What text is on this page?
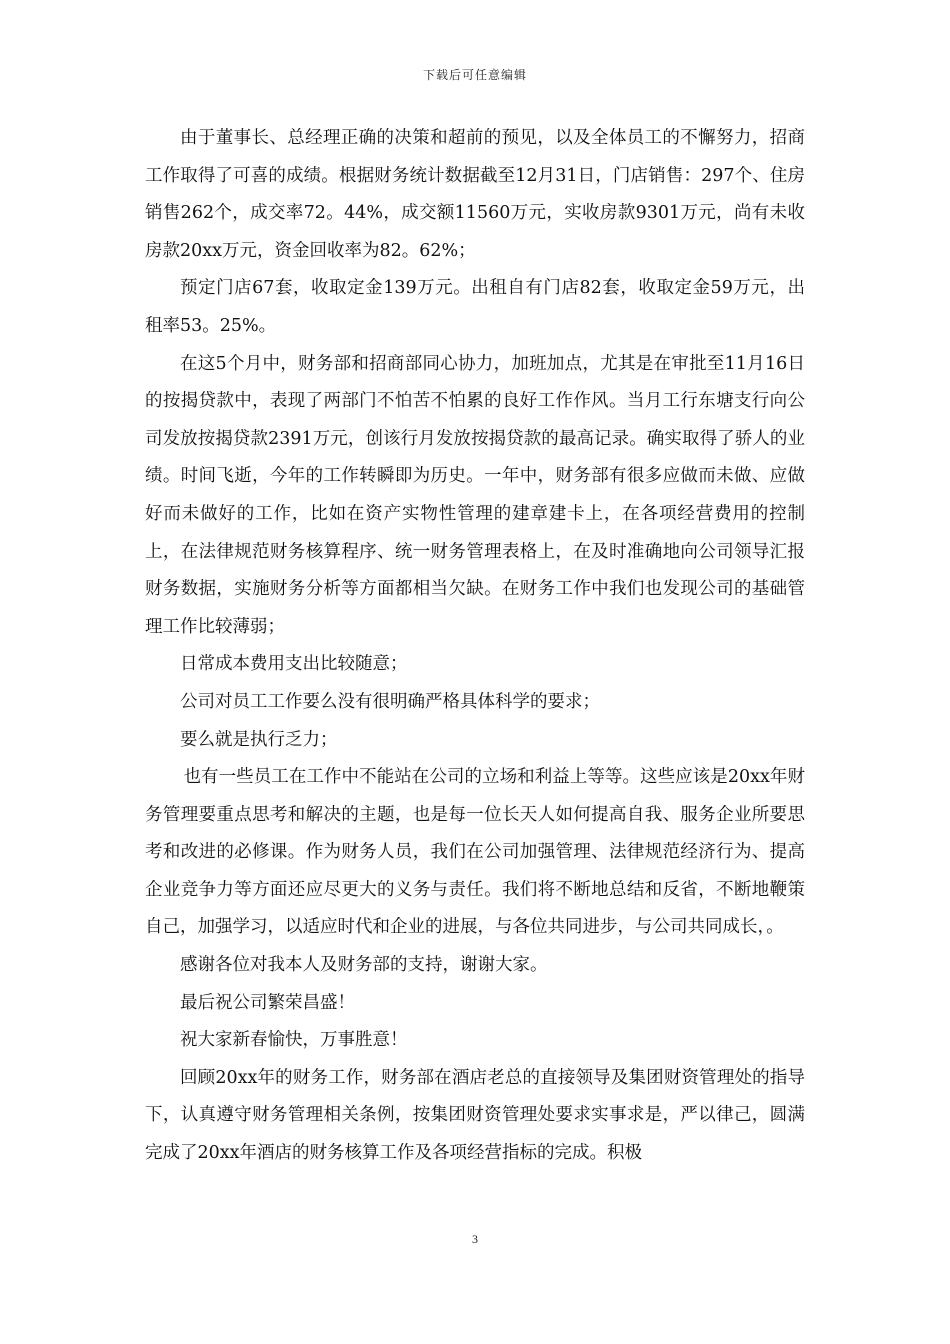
下载后可任意编辑

由于董事长、总经理正确的决策和超前的预见，以及全体员工的不懈努力，招商工作取得了可喜的成绩。根据财务统计数据截至12月31日，门店销售：297个、住房销售262个，成交率72。44%，成交额11560万元，实收房款9301万元，尚有未收房款20xx万元，资金回收率为82。62%；

预定门店67套，收取定金139万元。出租自有门店82套，收取定金59万元，出租率53。25%。

在这5个月中，财务部和招商部同心协力，加班加点，尤其是在审批至11月16日的按揭贷款中，表现了两部门不怕苦不怕累的良好工作作风。当月工行东塘支行向公司发放按揭贷款2391万元，创该行月发放按揭贷款的最高记录。确实取得了骄人的业绩。时间飞逝，今年的工作转瞬即为历史。一年中，财务部有很多应做而未做、应做好而未做好的工作，比如在资产实物性管理的建章建卡上，在各项经营费用的控制上，在法律规范财务核算程序、统一财务管理表格上，在及时准确地向公司领导汇报财务数据，实施财务分析等方面都相当欠缺。在财务工作中我们也发现公司的基础管理工作比较薄弱；

日常成本费用支出比较随意；

公司对员工工作要么没有很明确严格具体科学的要求；

要么就是执行乏力；

也有一些员工在工作中不能站在公司的立场和利益上等等。这些应该是20xx年财务管理要重点思考和解决的主题，也是每一位长天人如何提高自我、服务企业所要思考和改进的必修课。作为财务人员，我们在公司加强管理、法律规范经济行为、提高企业竞争力等方面还应尽更大的义务与责任。我们将不断地总结和反省，不断地鞭策自己，加强学习，以适应时代和企业的进展，与各位共同进步，与公司共同成长，。

感谢各位对我本人及财务部的支持，谢谢大家。

最后祝公司繁荣昌盛！

祝大家新春愉快，万事胜意！

回顾20xx年的财务工作，财务部在酒店老总的直接领导及集团财资管理处的指导下，认真遵守财务管理相关条例，按集团财资管理处要求实事求是，严以律己，圆满完成了20xx年酒店的财务核算工作及各项经营指标的完成。积极

3
